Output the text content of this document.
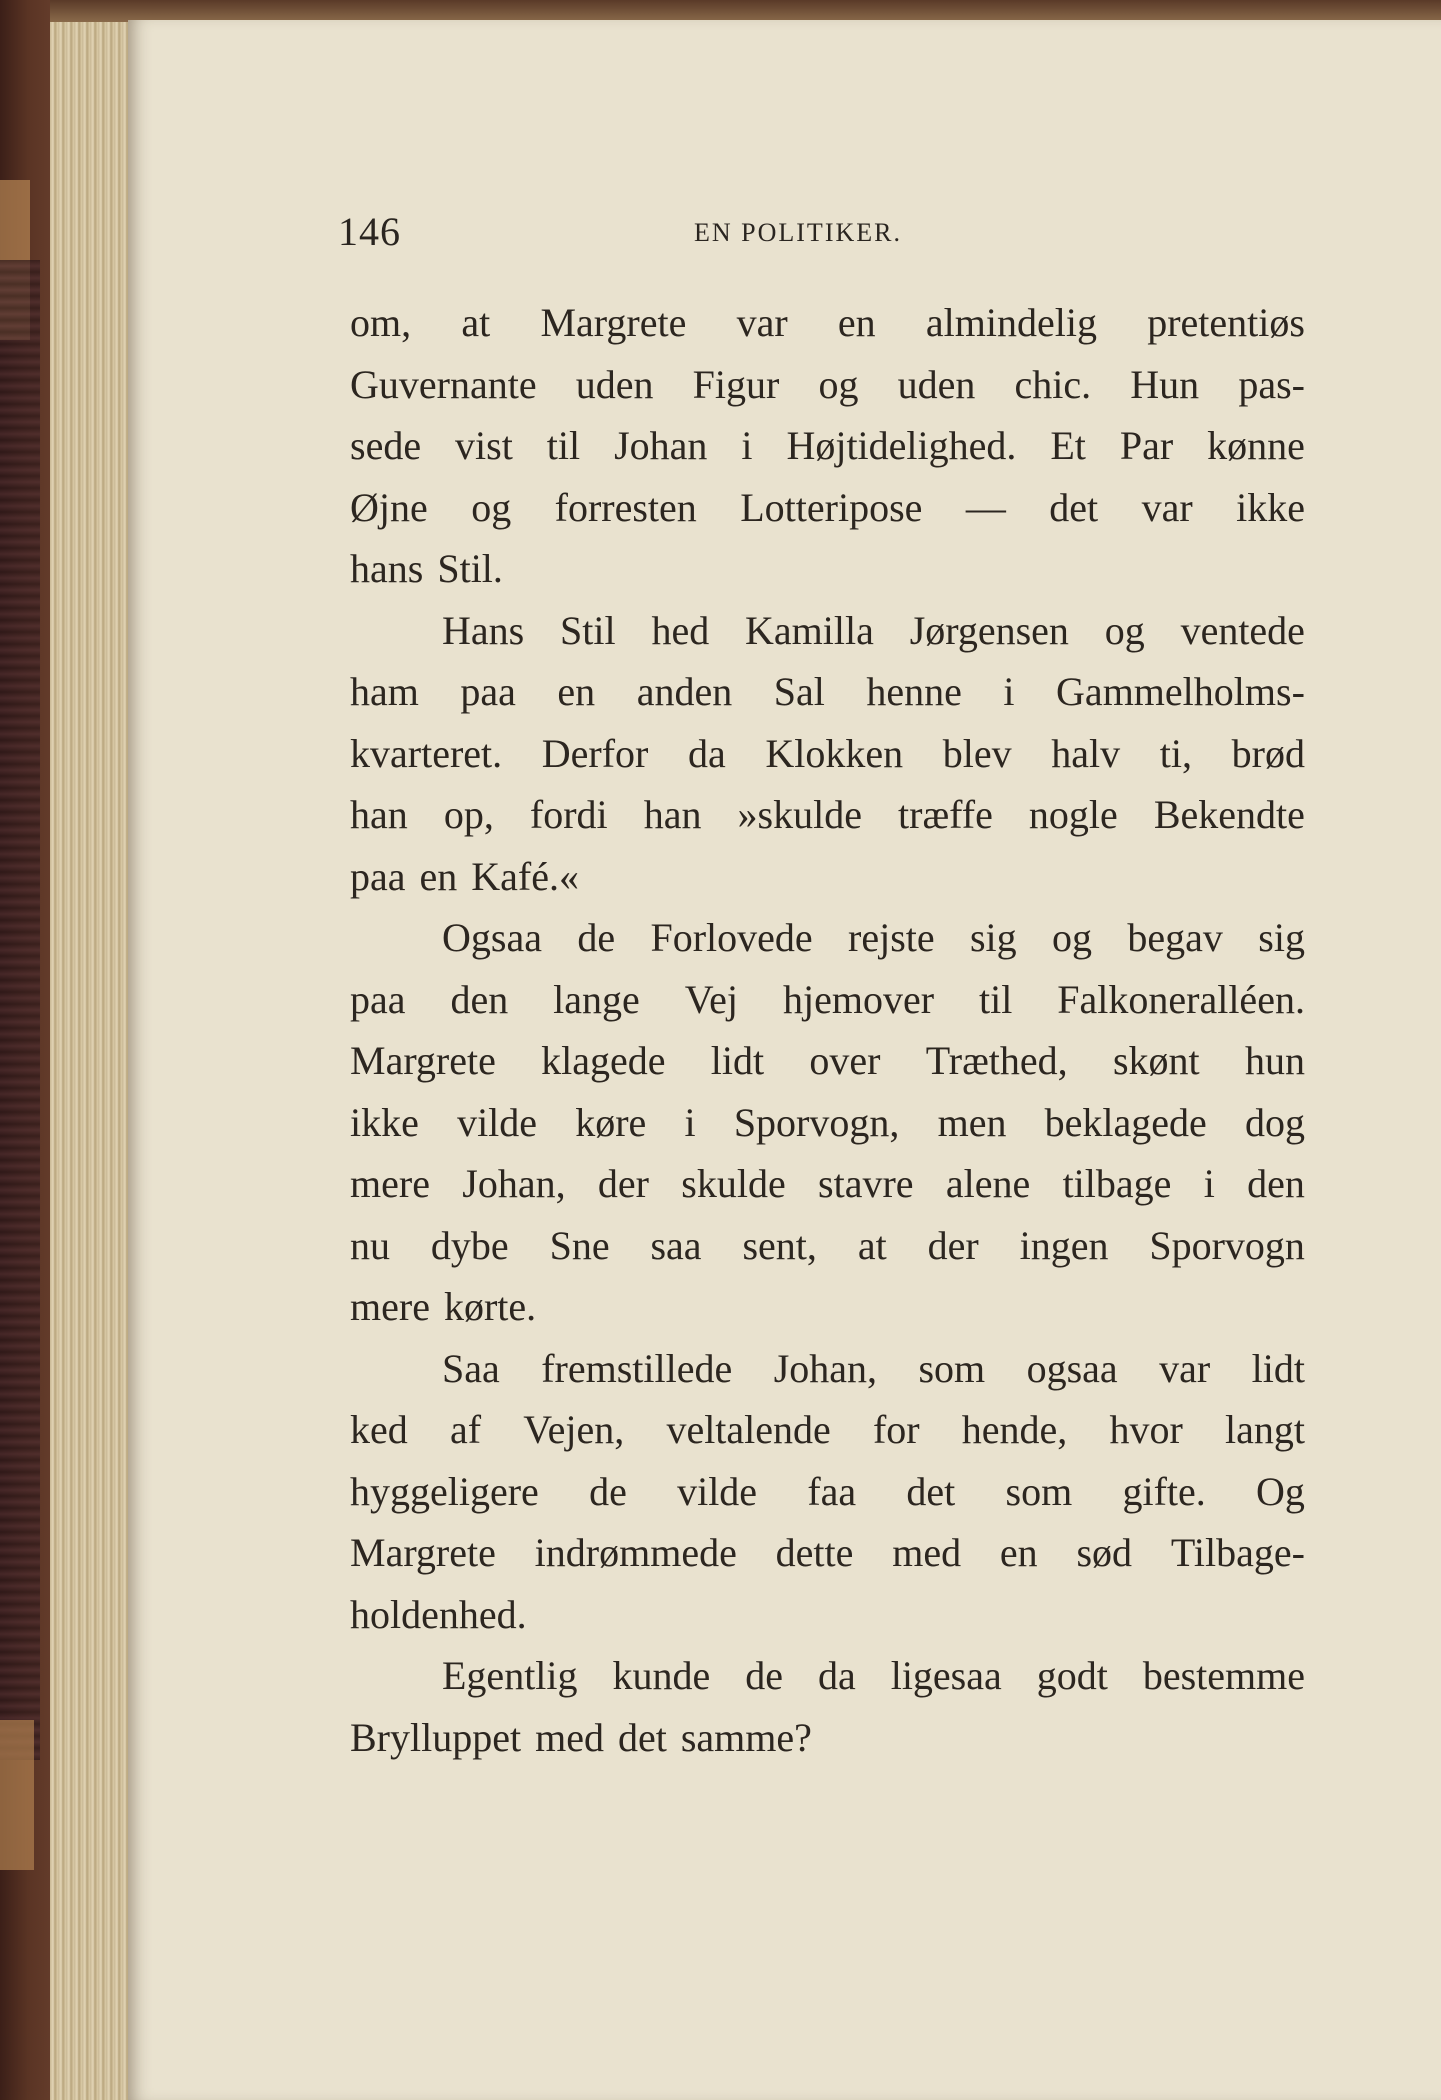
146	EN POLITIKER.
om, at Margrete var en almindelig pretentiøs
Guvernante uden Figur og uden chic. Hun pas-
sede vist til Johan i Højtidelighed. Et Par kønne
Øjne og forresten Lotteripose — det var ikke
hans Stil.
Hans Stil hed Kamilla Jørgensen og ventede
ham paa en anden Sal henne i Gammelholms-
kvarteret. Derfor da Klokken blev halv ti, brød
han op, fordi han »skulde træffe nogle Bekendte
paa en Kafé.«
Ogsaa de Forlovede rejste sig og begav sig
paa den lange Vej hjemover til Falkoneralléen.
Margrete klagede lidt over Træthed, skønt hun
ikke vilde køre i Sporvogn, men beklagede dog
mere Johan, der skulde stavre alene tilbage i den
nu dybe Sne saa sent, at der ingen Sporvogn
mere kørte.
Saa fremstillede Johan, som ogsaa var lidt
ked af Vejen, veltalende for hende, hvor langt
hyggeligere de vilde faa det som gifte. Og
Margrete indrømmede dette med en sød Tilbage-
holdenhed.
Egentlig kunde de da ligesaa godt bestemme
Brylluppet med det samme?
